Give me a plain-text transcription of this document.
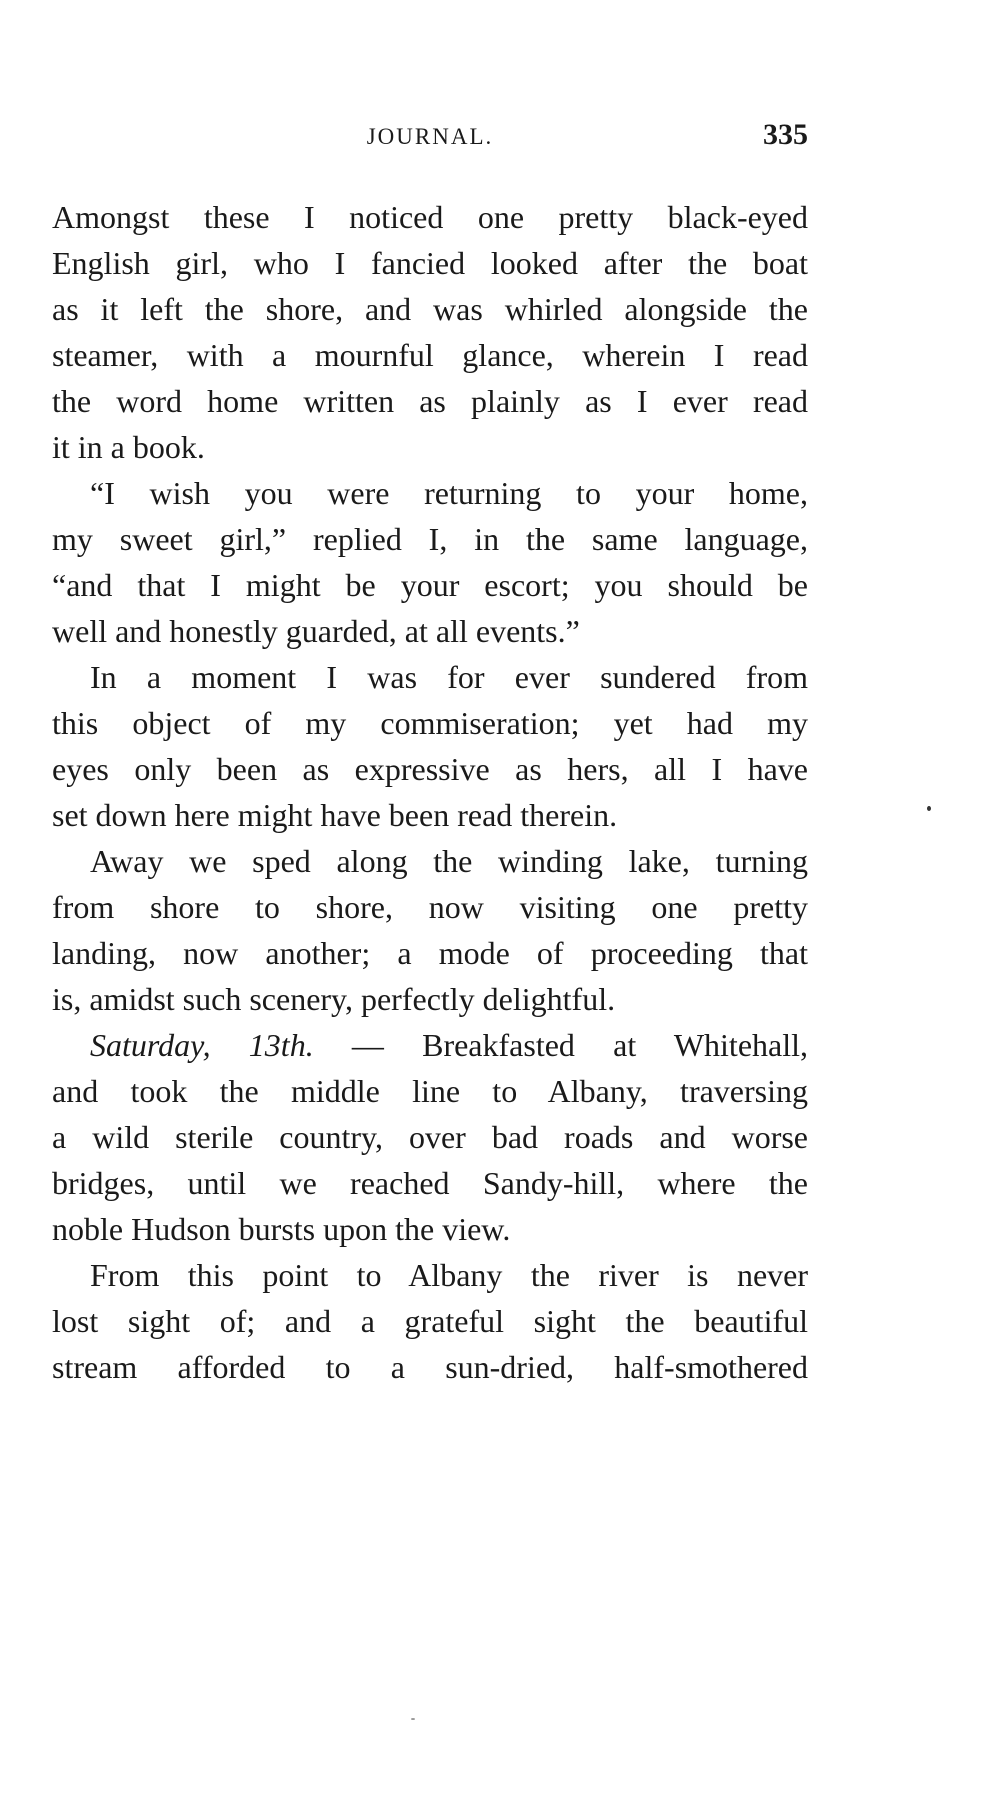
JOURNAL.	335
Amongst these I noticed one pretty black-eyed
English girl, who I fancied looked after the boat
as it left the shore, and was whirled alongside the
steamer, with a mournful glance, wherein I read
the word home written as plainly as I ever read
it in a book.
“I wish you were returning to your home,
my sweet girl,” replied I, in the same language,
“and that I might be your escort; you should be
well and honestly guarded, at all events.”
In a moment I was for ever sundered from
this object of my commiseration; yet had my
eyes only been as expressive as hers, all I have
set down here might have been read therein.
Away we sped along the winding lake, turning
from shore to shore, now visiting one pretty
landing, now another; a mode of proceeding that
is, amidst such scenery, perfectly delightful.
Saturday, 13th. — Breakfasted at Whitehall,
and took the middle line to Albany, traversing
a wild sterile country, over bad roads and worse
bridges, until we reached Sandy-hill, where the
noble Hudson bursts upon the view.
From this point to Albany the river is never
lost sight of; and a grateful sight the beautiful
stream afforded to a sun-dried, half-smothered
